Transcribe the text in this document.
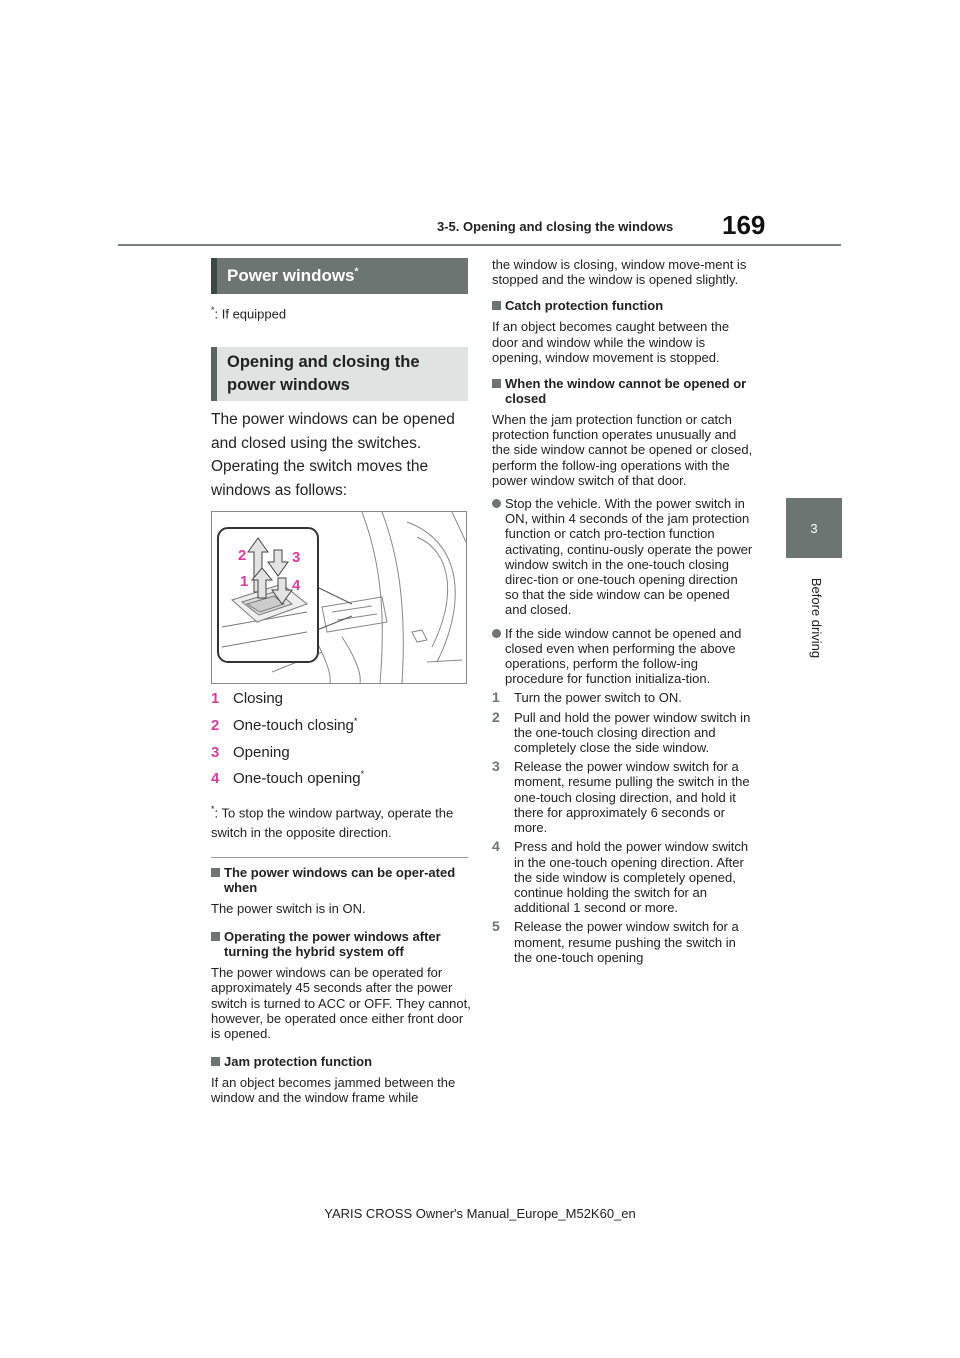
3-5. Opening and closing the windows 169
3
Before driving
Power windows*
*: If equipped
Opening and closing the power windows
The power windows can be opened and closed using the switches. Operating the switch moves the windows as follows:
2	3
1	4
1 Closing
2 One-touch closing*
3 Opening
4 One-touch opening*
*: To stop the window partway, operate the switch in the opposite direction.
The power windows can be oper-ated when
The power switch is in ON.
Operating the power windows after turning the hybrid system off
The power windows can be operated for approximately 45 seconds after the power switch is turned to ACC or OFF. They cannot, however, be operated once either front door is opened.
Jam protection function
If an object becomes jammed between the window and the window frame while
the window is closing, window move-ment is stopped and the window is opened slightly.
Catch protection function
If an object becomes caught between the door and window while the window is opening, window movement is stopped.
When the window cannot be opened or closed
When the jam protection function or catch protection function operates unusually and the side window cannot be opened or closed, perform the follow-ing operations with the power window switch of that door.
Stop the vehicle. With the power switch in ON, within 4 seconds of the jam protection function or catch pro-tection function activating, continu-ously operate the power window switch in the one-touch closing direc-tion or one-touch opening direction so that the side window can be opened and closed.
If the side window cannot be opened and closed even when performing the above operations, perform the follow-ing procedure for function initializa-tion.
1 Turn the power switch to ON.
2 Pull and hold the power window switch in the one-touch closing direction and completely close the side window.
3 Release the power window switch for a moment, resume pulling the switch in the one-touch closing direction, and hold it there for approximately 6 seconds or more.
4 Press and hold the power window switch in the one-touch opening direction. After the side window is completely opened, continue holding the switch for an additional 1 second or more.
5 Release the power window switch for a moment, resume pushing the switch in the one-touch opening
YARIS CROSS Owner's Manual_Europe_M52K60_en
